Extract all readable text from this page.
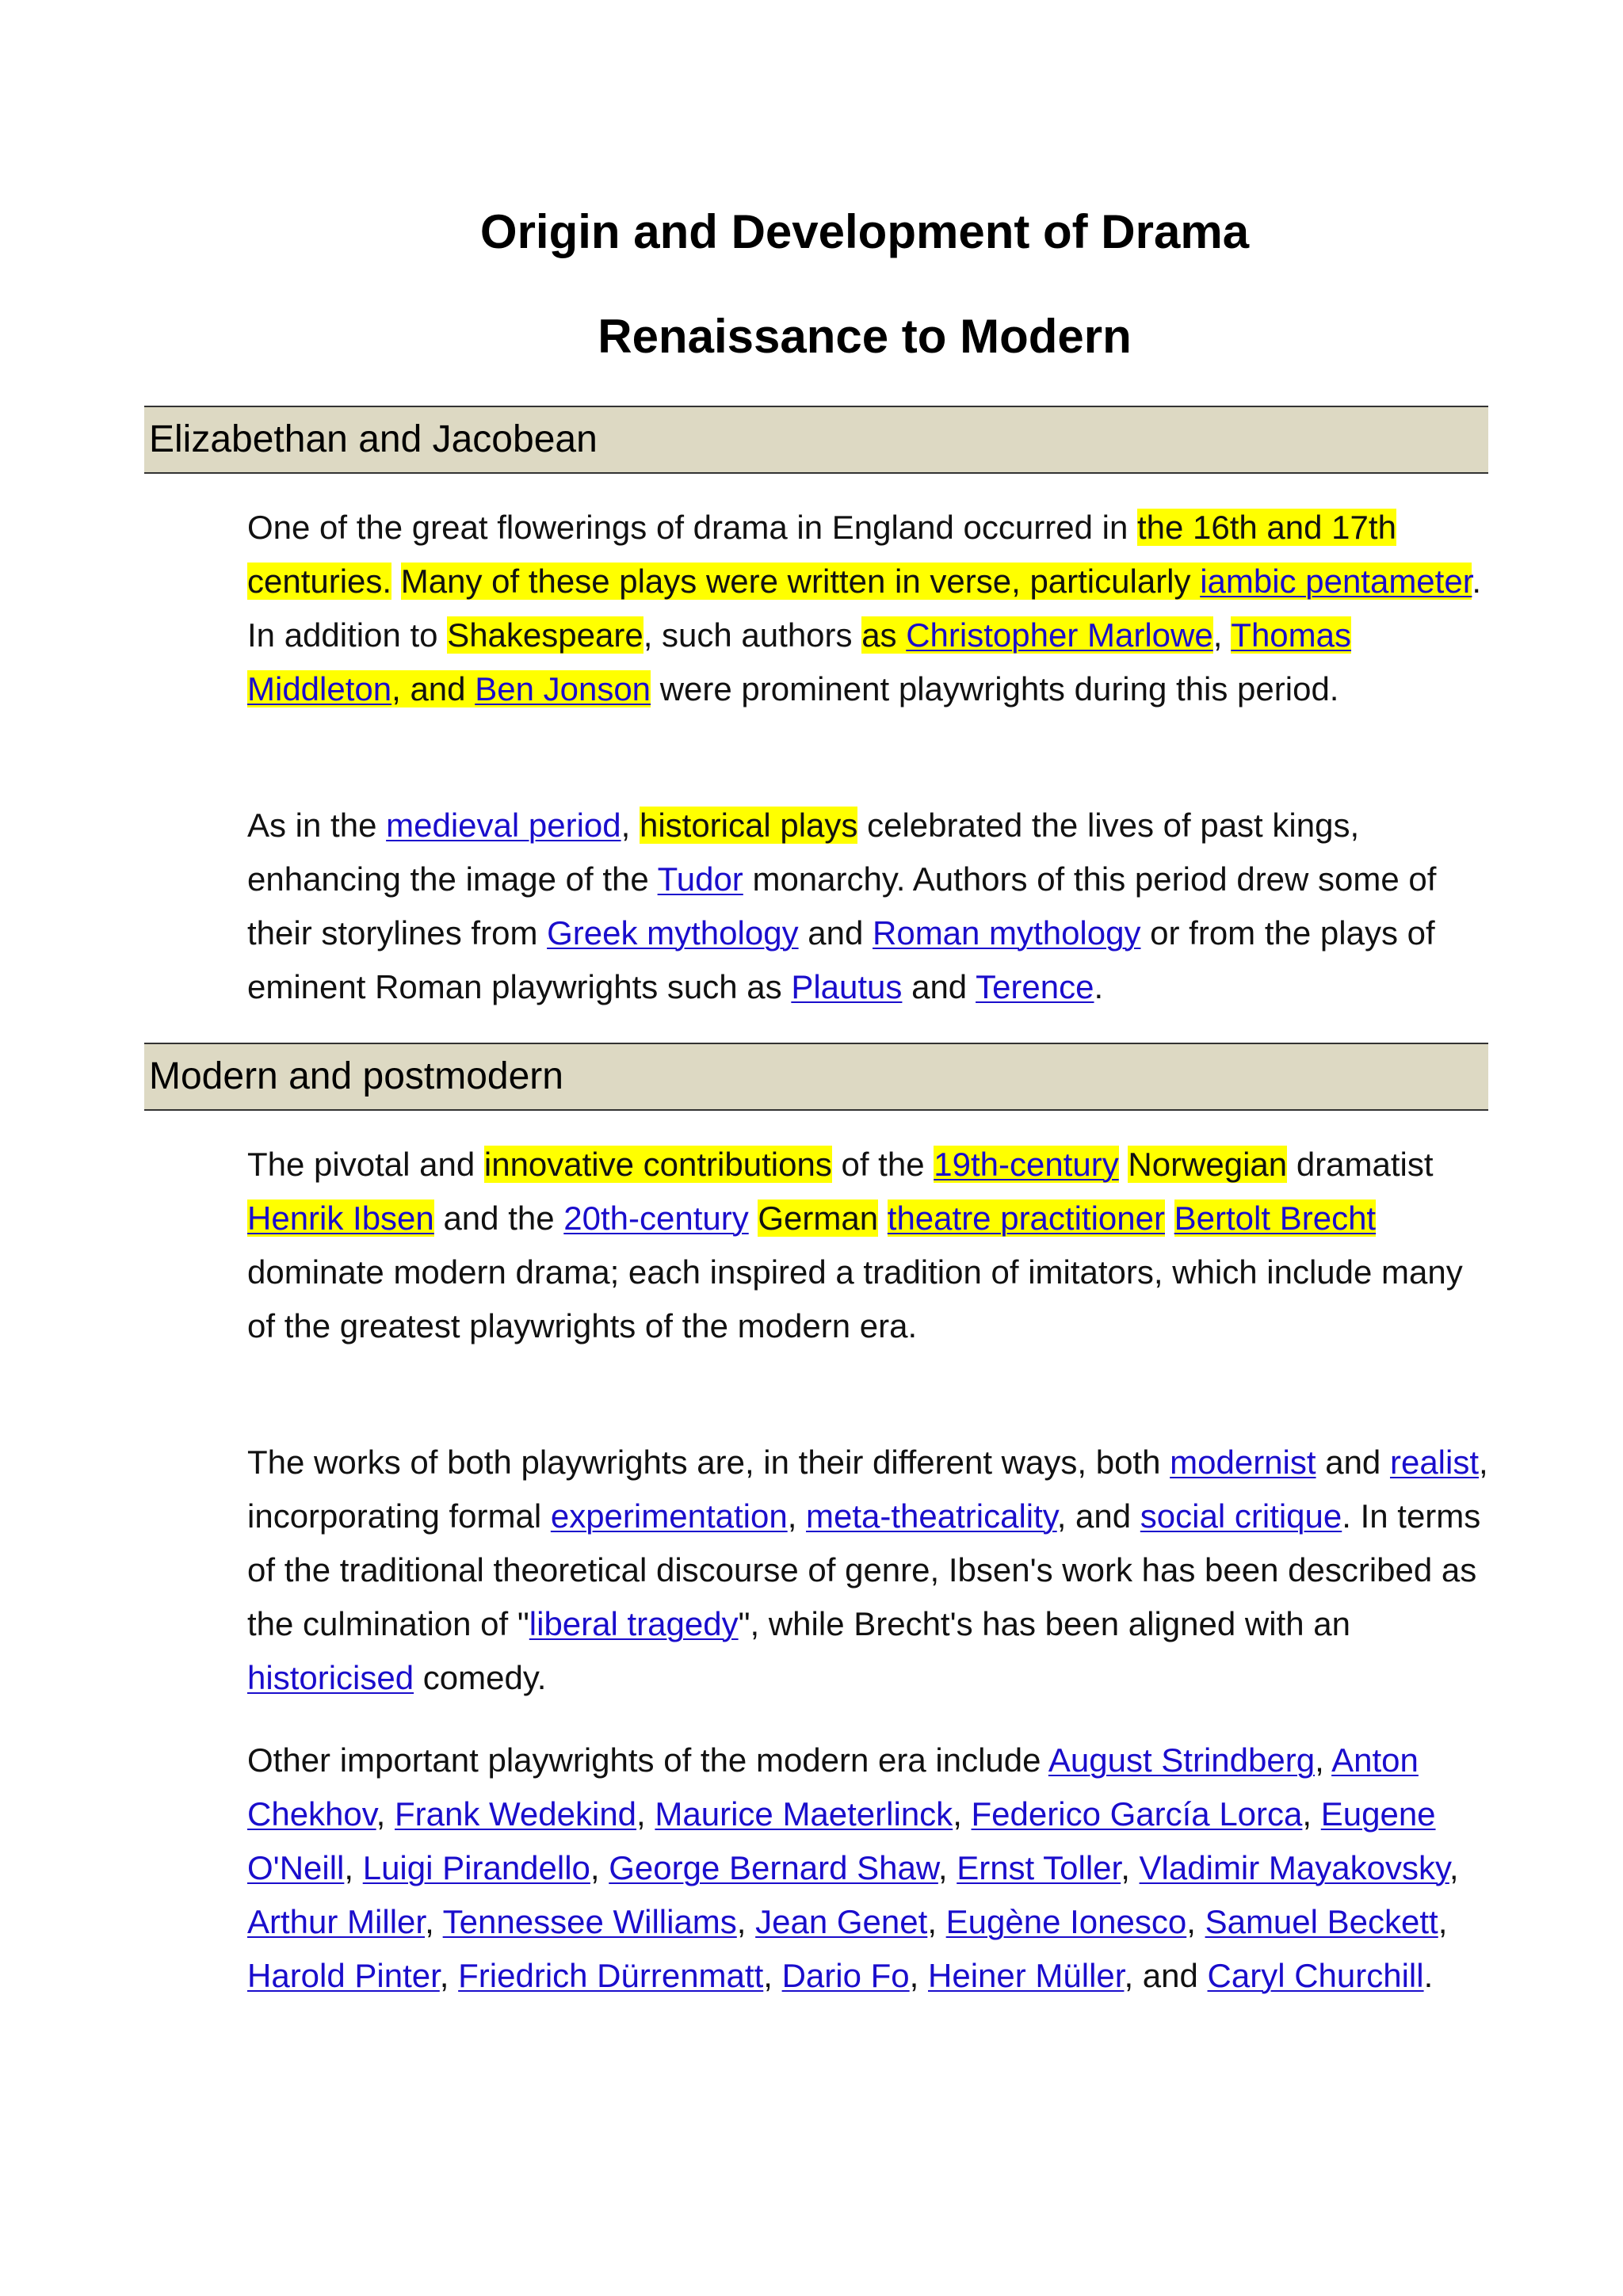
Origin and Development of Drama
Renaissance to Modern
Elizabethan and Jacobean

One of the great flowerings of drama in England occurred in the 16th and 17th centuries. Many of these plays were written in verse, particularly iambic pentameter. In addition to Shakespeare, such authors as Christopher Marlowe, Thomas Middleton, and Ben Jonson were prominent playwrights during this period.

As in the medieval period, historical plays celebrated the lives of past kings, enhancing the image of the Tudor monarchy. Authors of this period drew some of their storylines from Greek mythology and Roman mythology or from the plays of eminent Roman playwrights such as Plautus and Terence.

Modern and postmodern

The pivotal and innovative contributions of the 19th-century Norwegian dramatist Henrik Ibsen and the 20th-century German theatre practitioner Bertolt Brecht dominate modern drama; each inspired a tradition of imitators, which include many of the greatest playwrights of the modern era.

The works of both playwrights are, in their different ways, both modernist and realist, incorporating formal experimentation, meta-theatricality, and social critique. In terms of the traditional theoretical discourse of genre, Ibsen's work has been described as the culmination of "liberal tragedy", while Brecht's has been aligned with an historicised comedy.

Other important playwrights of the modern era include August Strindberg, Anton Chekhov, Frank Wedekind, Maurice Maeterlinck, Federico García Lorca, Eugene O'Neill, Luigi Pirandello, George Bernard Shaw, Ernst Toller, Vladimir Mayakovsky, Arthur Miller, Tennessee Williams, Jean Genet, Eugène Ionesco, Samuel Beckett, Harold Pinter, Friedrich Dürrenmatt, Dario Fo, Heiner Müller, and Caryl Churchill.
